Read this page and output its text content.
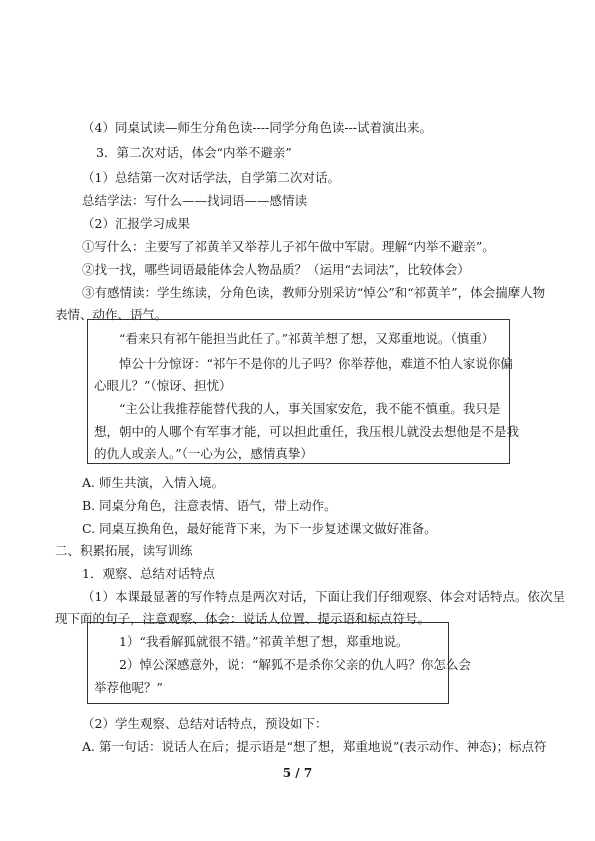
（4）同桌试读—师生分角色读----同学分角色读---试着演出来。
3．第二次对话，体会“内举不避亲”
（1）总结第一次对话学法，自学第二次对话。
总结学法：写什么——找词语——感情读
（2）汇报学习成果
①写什么：主要写了祁黄羊又举荐儿子祁午做中军尉。理解“内举不避亲”。
②找一找，哪些词语最能体会人物品质？（运用“去词法”，比较体会）
③有感情读：学生练读，分角色读，教师分别采访“悼公”和“祁黄羊”，体会揣摩人物
表情、动作、语气。
“看来只有祁午能担当此任了。”祁黄羊想了想，又郑重地说。（慎重）
悼公十分惊讶：“祁午不是你的儿子吗？你举荐他，难道不怕人家说你偏
心眼儿？”（惊讶、担忧）
“主公让我推荐能替代我的人，事关国家安危，我不能不慎重。我只是
想，朝中的人哪个有军事才能，可以担此重任，我压根儿就没去想他是不是我
的仇人或亲人。”（一心为公，感情真挚）
A. 师生共演，入情入境。
B. 同桌分角色，注意表情、语气，带上动作。
C. 同桌互换角色，最好能背下来，为下一步复述课文做好准备。
二、积累拓展，读写训练
1．观察、总结对话特点
（1）本课最显著的写作特点是两次对话，下面让我们仔细观察、体会对话特点。依次呈
现下面的句子，注意观察、体会：说话人位置、提示语和标点符号。
1）“我看解狐就很不错。”祁黄羊想了想，郑重地说。
2）悼公深感意外，说：“解狐不是杀你父亲的仇人吗？你怎么会
举荐他呢？”
（2）学生观察、总结对话特点，预设如下：
A. 第一句话：说话人在后；提示语是“想了想，郑重地说”(表示动作、神态)；标点符
5 / 7
